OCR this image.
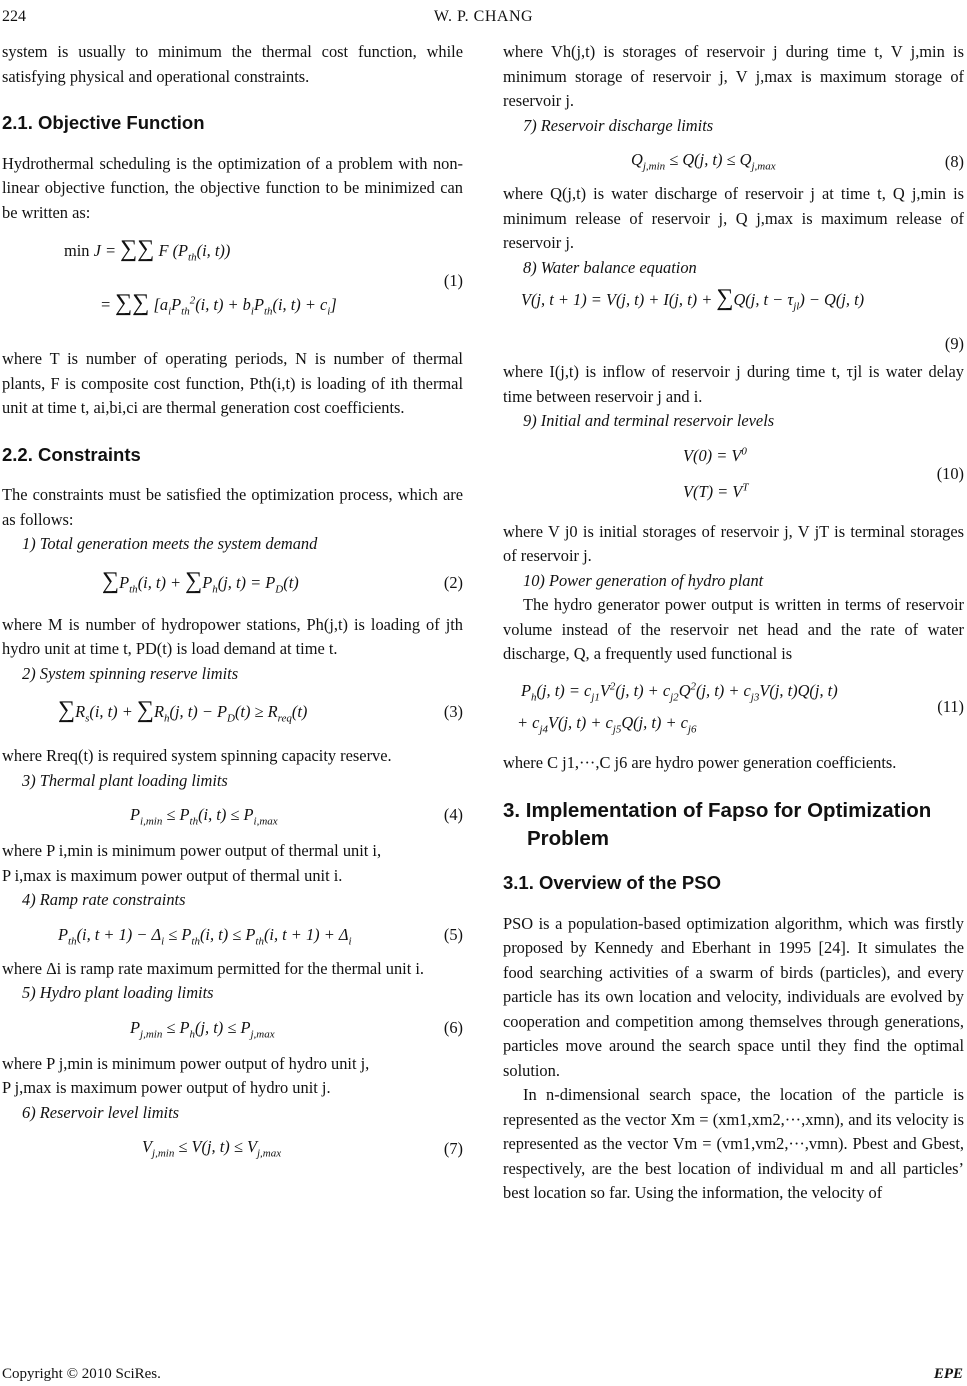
224	W. P. CHANG

system is usually to minimum the thermal cost function, while satisfying physical and operational constraints.

2.1. Objective Function

Hydrothermal scheduling is the optimization of a problem with non-linear objective function, the objective function to be minimized can be written as:

min J = ∑∑ F ($P_{th}(i$, t))
= ∑∑ [$a_iP_{th}^2(i$, $t) + b_iP_{th}(i$, $t) + c_i$]
(1)

where T is number of operating periods, N is number of thermal plants, F is composite cost function, Pth(i,t) is loading of ith thermal unit at time t, ai,bi,ci are thermal generation cost coefficients.

2.2. Constraints

The constraints must be satisfied the optimization process, which are as follows:

1) Total generation meets the system demand

$\sum P_{th}(i$, $t) + \sum P_h(j$, $t) = P_D(t)$	(2)

where M is number of hydropower stations, Ph(j,t) is loading of jth hydro unit at time t, PD(t) is load demand at time t.

2) System spinning reserve limits

$\sum R_s(i$, $t) + \sum R_h(j$, $t) - P_D(t) \ge R_{req}(t)$	(3)

where Rreq(t) is required system spinning capacity reserve.

3) Thermal plant loading limits

$P_{i,min} \le P_{th}(i$, $t) \le P_{i,max}$	(4)

where P i,min is minimum power output of thermal unit i,

P i,max is maximum power output of thermal unit i.

4) Ramp rate constraints

$P_{th}(i$, $t + 1) - \Delta_i \le P_{th}(i$, $t) \le P_{th}(i$, $t + 1) + \Delta_i$	(5)

where Δi is ramp rate maximum permitted for the thermal unit i.

5) Hydro plant loading limits

$P_{j,min} \le P_h(j$, $t) \le P_{j,max}$	(6)

where P j,min is minimum power output of hydro unit j,

P j,max is maximum power output of hydro unit j.

6) Reservoir level limits

$V_{j,min} \le V(j$, $t) \le V_{j,max}$	(7)

where Vh(j,t) is storages of reservoir j during time t, V j,min is minimum storage of reservoir j, V j,max is maximum storage of reservoir j.

7) Reservoir discharge limits

$Q_{j,min} \le Q(j$, $t) \le Q_{j,max}$	(8)

where Q(j,t) is water discharge of reservoir j at time t, Q j,min is minimum release of reservoir j, Q j,max is maximum release of reservoir j.

8) Water balance equation

V(j, t + 1) = V(j, t) + I(j, t) + ∑Q(j, $t - \tau_{jl}) - Q(j$, t)
(9)

where I(j,t) is inflow of reservoir j during time t, τjl is water delay time between reservoir j and i.

9) Initial and terminal reservoir levels

$V(0) = V^0$
$V(T) = V^T$
(10)

where V j0 is initial storages of reservoir j, V jT is terminal storages of reservoir j.

10) Power generation of hydro plant

The hydro generator power output is written in terms of reservoir volume instead of the reservoir net head and the rate of water discharge, Q, a frequently used functional is

$P_h(j$, $t) = c_{j1}V^2(j$, $t) + c_{j2}Q^2(j$, $t) + c_{j3}V(j$, t)Q(j, t)
+ $c_{j4}V(j$, $t) + c_{j5}Q(j$, $t) + c_{j6}$
(11)

where C j1,···,C j6 are hydro power generation coefficients.

3. Implementation of Fapso for Optimization
Problem

3.1. Overview of the PSO

PSO is a population-based optimization algorithm, which was firstly proposed by Kennedy and Eberhant in 1995 [24]. It simulates the food searching activities of a swarm of birds (particles), and every particle has its own location and velocity, individuals are evolved by cooperation and competition among themselves through generations, particles move around the search space until they find the optimal solution.

In n-dimensional search space, the location of the particle is represented as the vector Xm = (xm1,xm2,···,xmn), and its velocity is represented as the vector Vm = (vm1,vm2,···,vmn). Pbest and Gbest, respectively, are the best location of individual m and all particles’ best location so far. Using the information, the velocity of

Copyright © 2010 SciRes.	EPE
